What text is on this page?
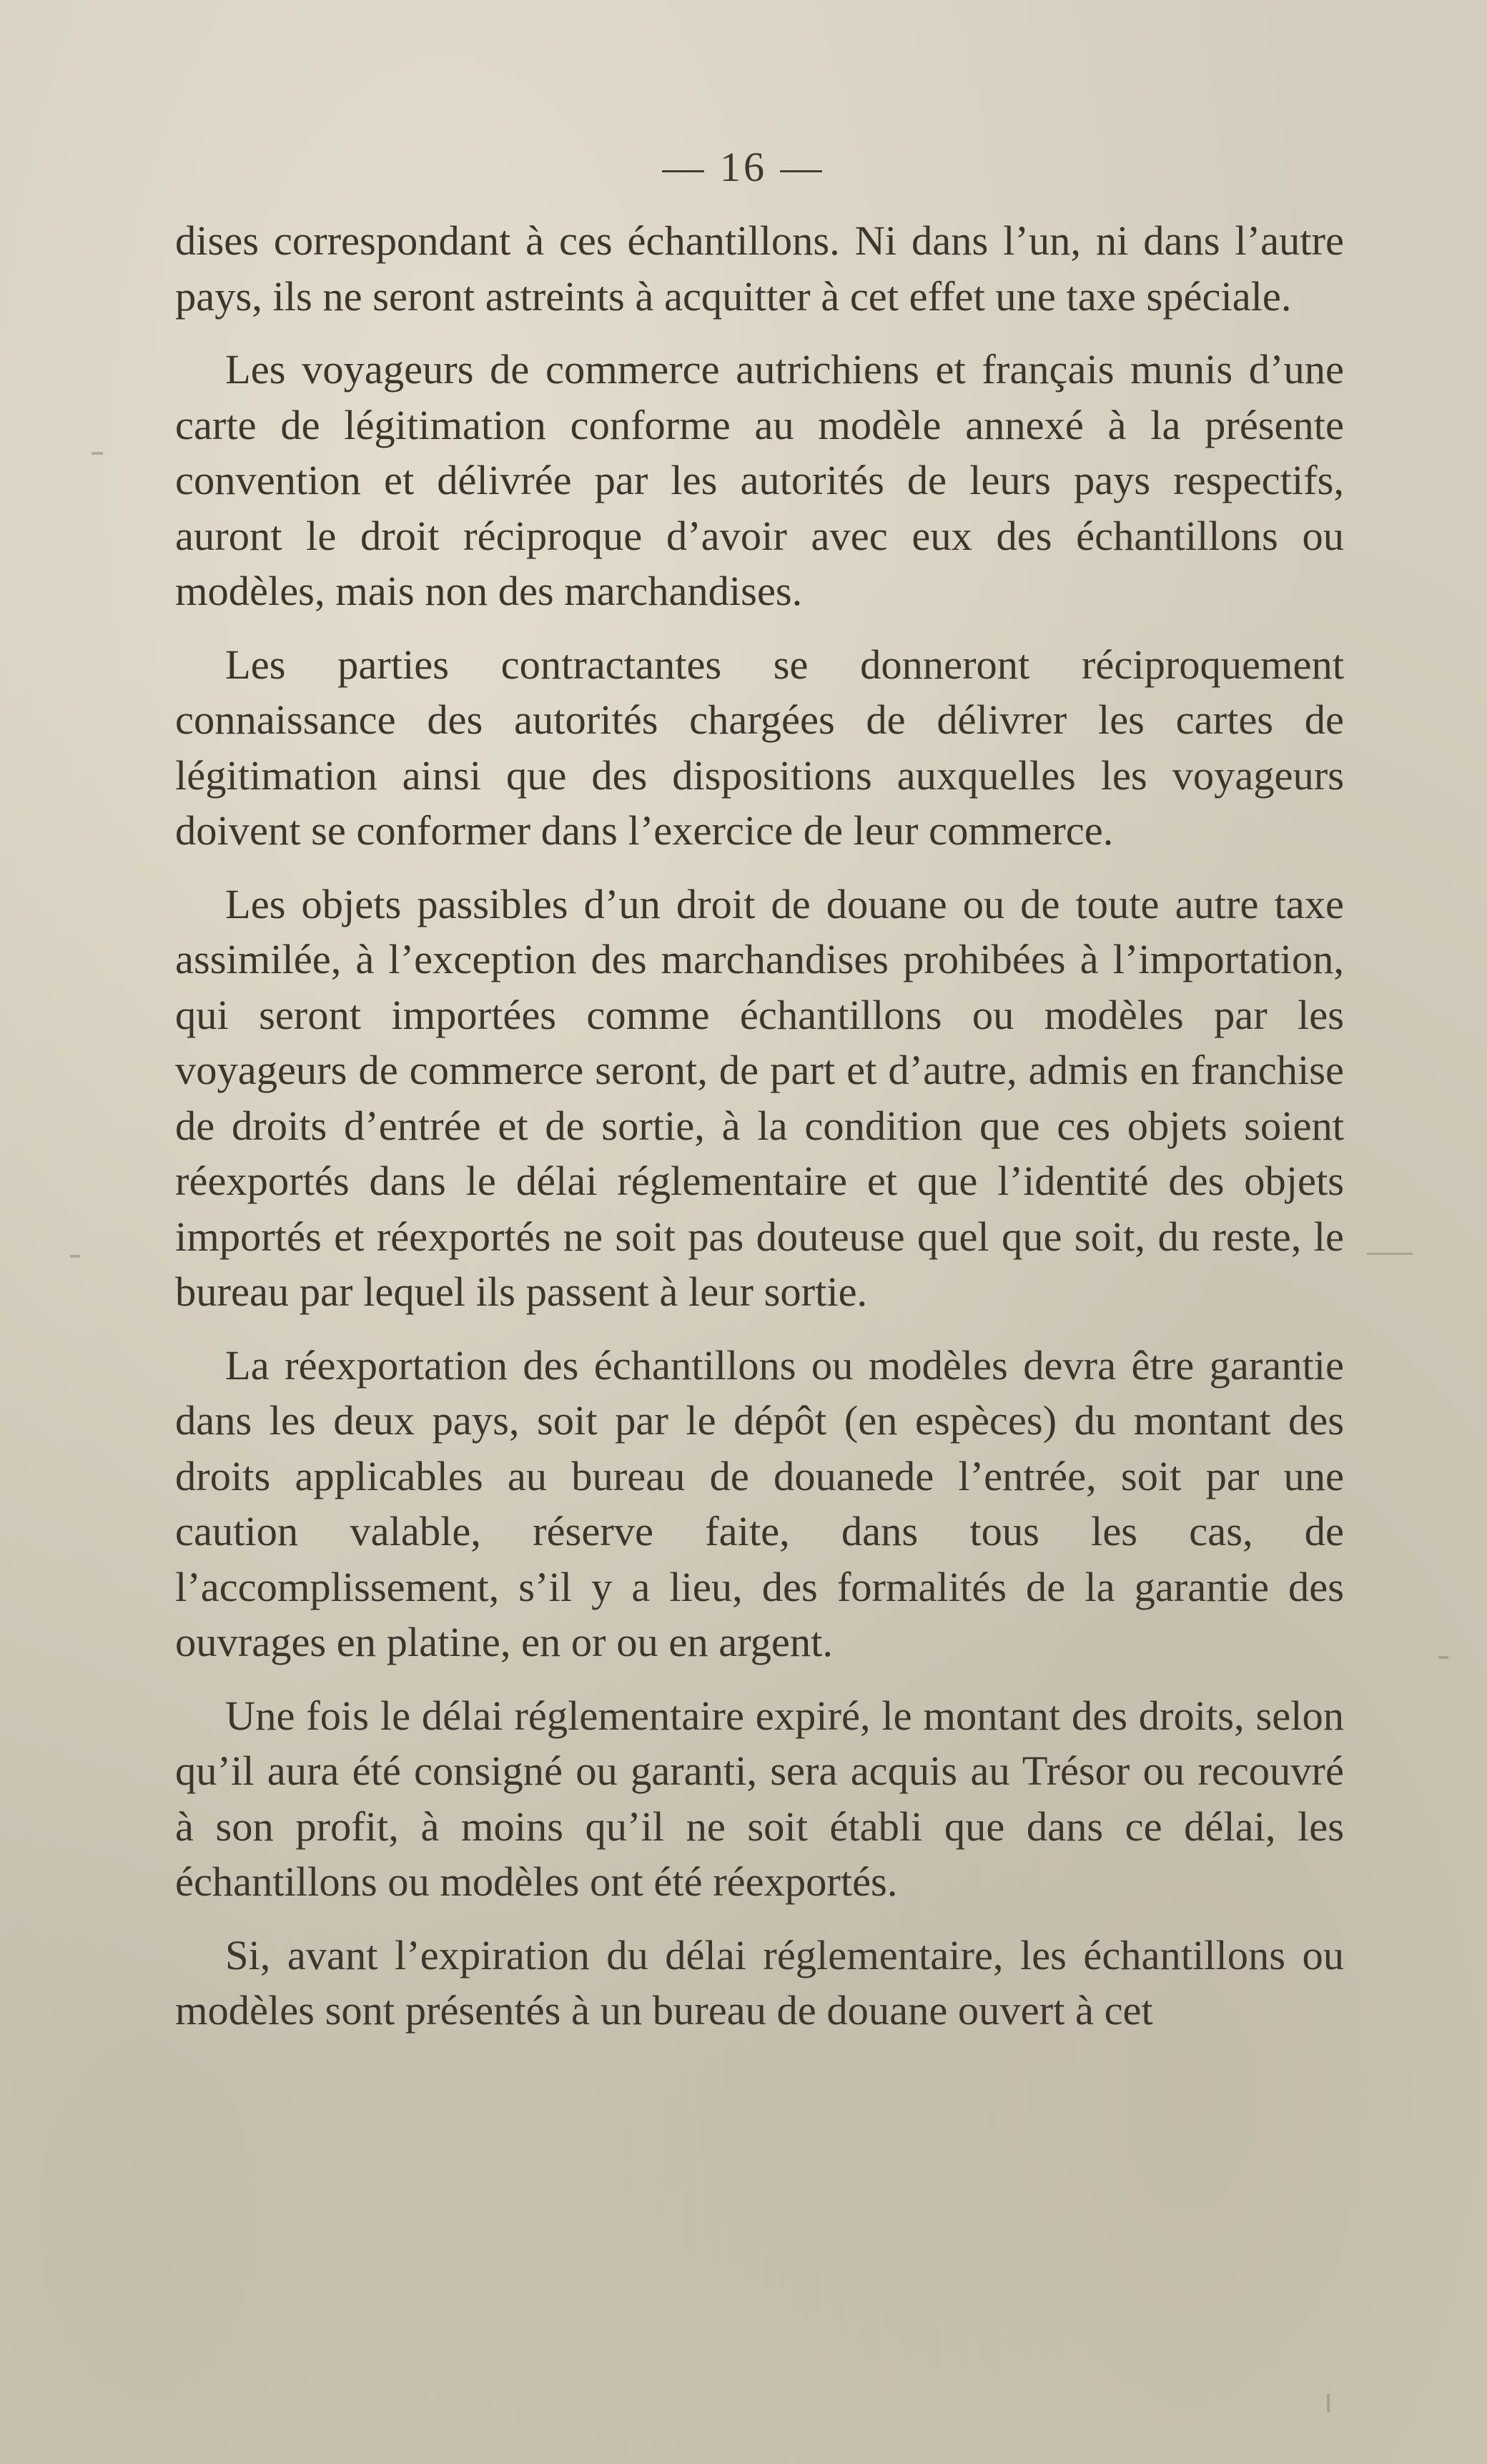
— 16 —

dises correspondant à ces échantillons. Ni dans l’un, ni dans l’autre pays, ils ne seront astreints à acquitter à cet effet une taxe spéciale.

Les voyageurs de commerce autrichiens et français munis d’une carte de légitimation conforme au modèle annexé à la présente convention et délivrée par les autorités de leurs pays respectifs, auront le droit réciproque d’avoir avec eux des échantillons ou modèles, mais non des marchandises.

Les parties contractantes se donneront réciproquement connaissance des autorités chargées de délivrer les cartes de légitimation ainsi que des dispositions auxquelles les voyageurs doivent se conformer dans l’exercice de leur commerce.

Les objets passibles d’un droit de douane ou de toute autre taxe assimilée, à l’exception des marchandises prohibées à l’importation, qui seront importées comme échantillons ou modèles par les voyageurs de commerce seront, de part et d’autre, admis en franchise de droits d’entrée et de sortie, à la condition que ces objets soient réexportés dans le délai réglementaire et que l’identité des objets importés et réexportés ne soit pas douteuse quel que soit, du reste, le bureau par lequel ils passent à leur sortie.

La réexportation des échantillons ou modèles devra être garantie dans les deux pays, soit par le dépôt (en espèces) du montant des droits applicables au bureau de douanede l’entrée, soit par une caution valable, réserve faite, dans tous les cas, de l’accomplissement, s’il y a lieu, des formalités de la garantie des ouvrages en platine, en or ou en argent.

Une fois le délai réglementaire expiré, le montant des droits, selon qu’il aura été consigné ou garanti, sera acquis au Trésor ou recouvré à son profit, à moins qu’il ne soit établi que dans ce délai, les échantillons ou modèles ont été réexportés.

Si, avant l’expiration du délai réglementaire, les échantillons ou modèles sont présentés à un bureau de douane ouvert à cet
